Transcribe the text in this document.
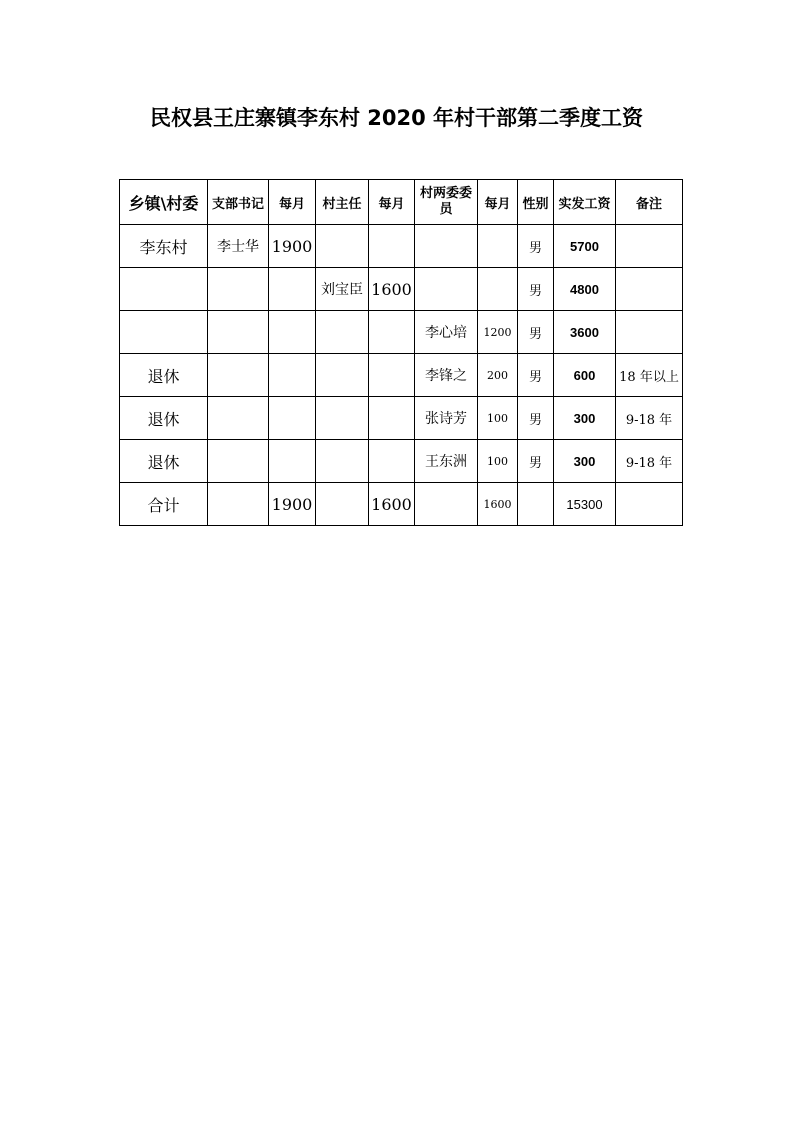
民权县王庄寨镇李东村 2020 年村干部第二季度工资
乡镇\村委	支部书记	每月	村主任	每月	村两委委员	每月	性别	实发工资	备注
李东村	李士华	1900					男	5700	
			刘宝臣	1600			男	4800	
					李心培	1200	男	3600	
退休					李锋之	200	男	600	18 年以上
退休					张诗芳	100	男	300	9-18 年
退休					王东洲	100	男	300	9-18 年
合计		1900		1600		1600		15300	
